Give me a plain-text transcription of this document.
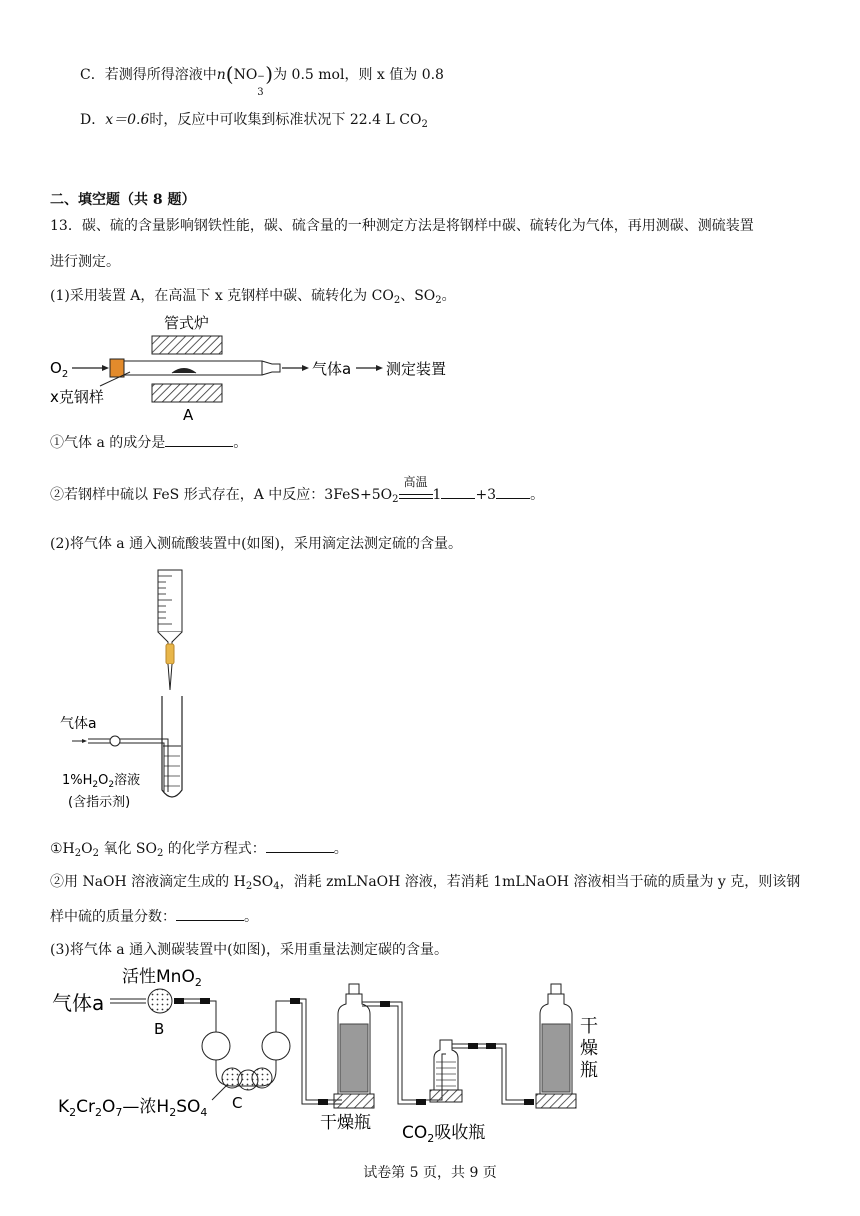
C．若测得所得溶液中n(NO −
3
)为 0.5 mol，则 x 值为 0.8
D．x＝0.6时，反应中可收集到标准状况下 22.4 L $CO_2$
二、填空题（共 8 题）
13．碳、硫的含量影响钢铁性能，碳、硫含量的一种测定方法是将钢样中碳、硫转化为气体，再用测碳、测硫装置
进行测定。
(1)采用装置 A，在高温下 x 克钢样中碳、硫转化为 $CO_2$、$SO_2$。
管式炉
$O_2$	气体a 测定装置
x克钢样
A
①气体 a 的成分是	。
②若钢样中硫以 FeS 形式存在，A 中反应：$3FeS+5O_2$
高温
1 +3 。
(2)将气体 a 通入测硫酸装置中(如图)，采用滴定法测定硫的含量。
气体a
$1\%H_2O_2$溶液
(含指示剂)
$①H_2O_2$ 氧化 $SO_2$ 的化学方程式：	。
②用 NaOH 溶液滴定生成的 $H_2SO_4$，消耗 zmLNaOH 溶液，若消耗 1mLNaOH 溶液相当于硫的质量为 y 克，则该钢
样中硫的质量分数：	。
(3)将气体 a 通入测碳装置中(如图)，采用重量法测定碳的含量。
气体a
活性MnO$_2$
B
C
$K_2Cr_2O_7—$浓$H_2SO_4$
干燥瓶 $CO_2$吸收瓶
干
燥
瓶
试卷第 5 页，共 9 页
